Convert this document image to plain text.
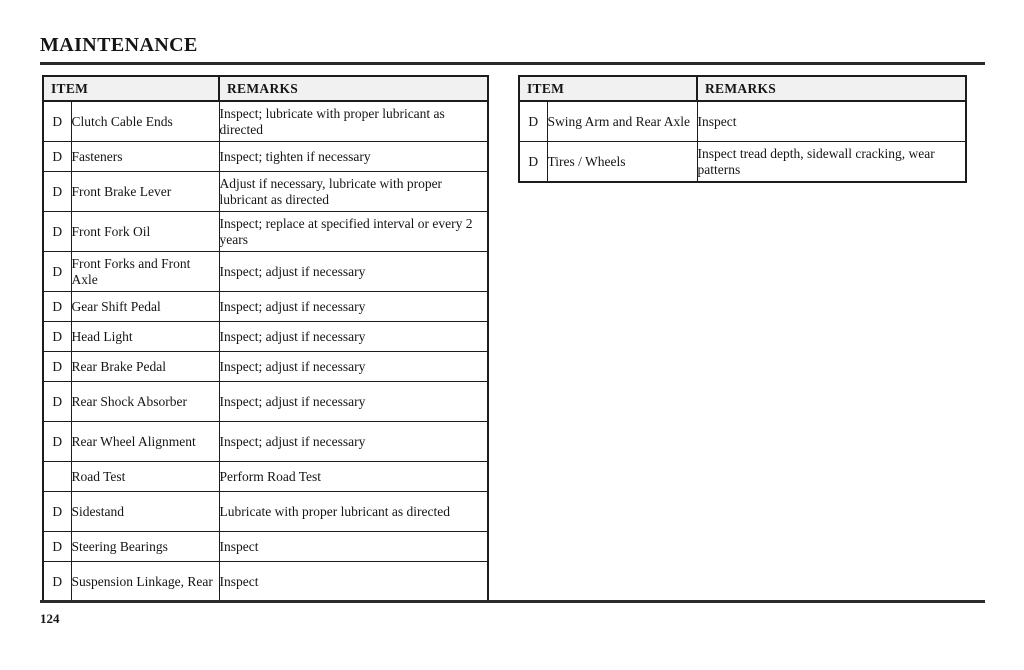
MAINTENANCE
ITEM		REMARKS
D	Clutch Cable Ends	Inspect; lubricate with proper lubricant as directed
D	Fasteners	Inspect; tighten if necessary
D	Front Brake Lever	Adjust if necessary, lubricate with proper lubricant as directed
D	Front Fork Oil	Inspect; replace at specified interval or every 2 years
D	Front Forks and Front Axle	Inspect; adjust if necessary
D	Gear Shift Pedal	Inspect; adjust if necessary
D	Head Light	Inspect; adjust if necessary
D	Rear Brake Pedal	Inspect; adjust if necessary
D	Rear Shock Absorber	Inspect; adjust if necessary
D	Rear Wheel Alignment	Inspect; adjust if necessary
	Road Test	Perform Road Test
D	Sidestand	Lubricate with proper lubricant as directed
D	Steering Bearings	Inspect
D	Suspension Linkage, Rear	Inspect
ITEM		REMARKS
D	Swing Arm and Rear Axle	Inspect
D	Tires / Wheels	Inspect tread depth, sidewall cracking, wear patterns
124
